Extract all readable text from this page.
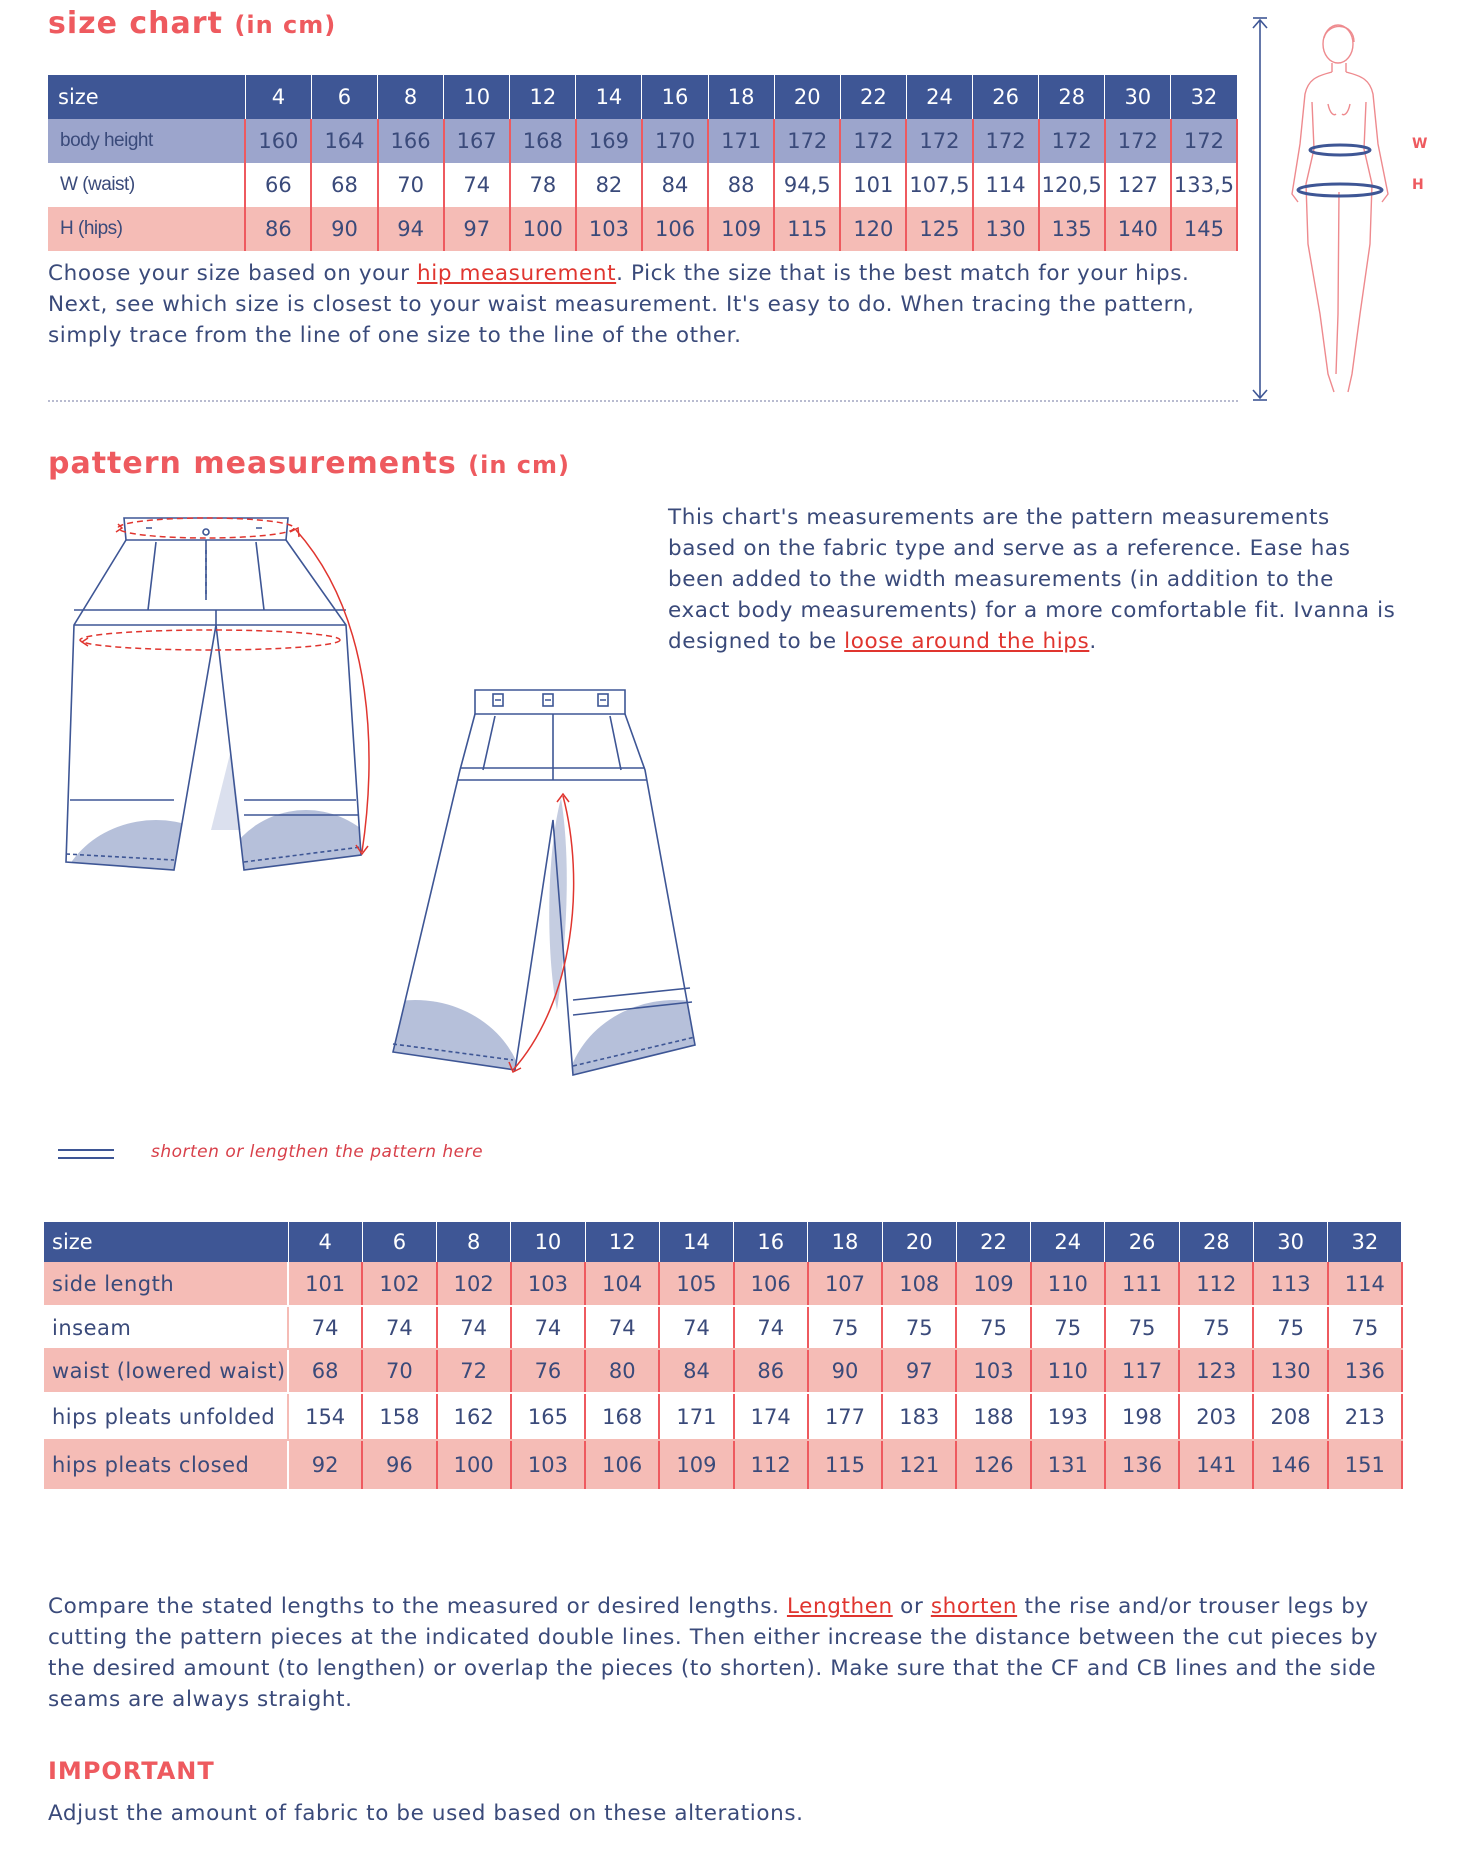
size chart (in cm)
size	4	6	8	10	12	14	16	18	20	22	24	26	28	30	32
body height	160	164	166	167	168	169	170	171	172	172	172	172	172	172	172
W (waist)	66	68	70	74	78	82	84	88	94,5	101	107,5	114	120,5	127	133,5
H (hips)	86	90	94	97	100	103	106	109	115	120	125	130	135	140	145
Choose your size based on your hip measurement. Pick the size that is the best match for your hips. Next, see which size is closest to your waist measurement. It's easy to do. When tracing the pattern, simply trace from the line of one size to the line of the other.
W
H
pattern measurements (in cm)
This chart's measurements are the pattern measurements based on the fabric type and serve as a reference. Ease has been added to the width measurements (in addition to the exact body measurements) for a more comfortable fit. Ivanna is designed to be loose around the hips.
shorten or lengthen the pattern here
size	4	6	8	10	12	14	16	18	20	22	24	26	28	30	32
side length	101	102	102	103	104	105	106	107	108	109	110	111	112	113	114
inseam	74	74	74	74	74	74	74	75	75	75	75	75	75	75	75
waist (lowered waist)	68	70	72	76	80	84	86	90	97	103	110	117	123	130	136
hips pleats unfolded	154	158	162	165	168	171	174	177	183	188	193	198	203	208	213
hips pleats closed	92	96	100	103	106	109	112	115	121	126	131	136	141	146	151
Compare the stated lengths to the measured or desired lengths. Lengthen or shorten the rise and/or trouser legs by cutting the pattern pieces at the indicated double lines. Then either increase the distance between the cut pieces by the desired amount (to lengthen) or overlap the pieces (to shorten). Make sure that the CF and CB lines and the side seams are always straight.
IMPORTANT
Adjust the amount of fabric to be used based on these alterations.
